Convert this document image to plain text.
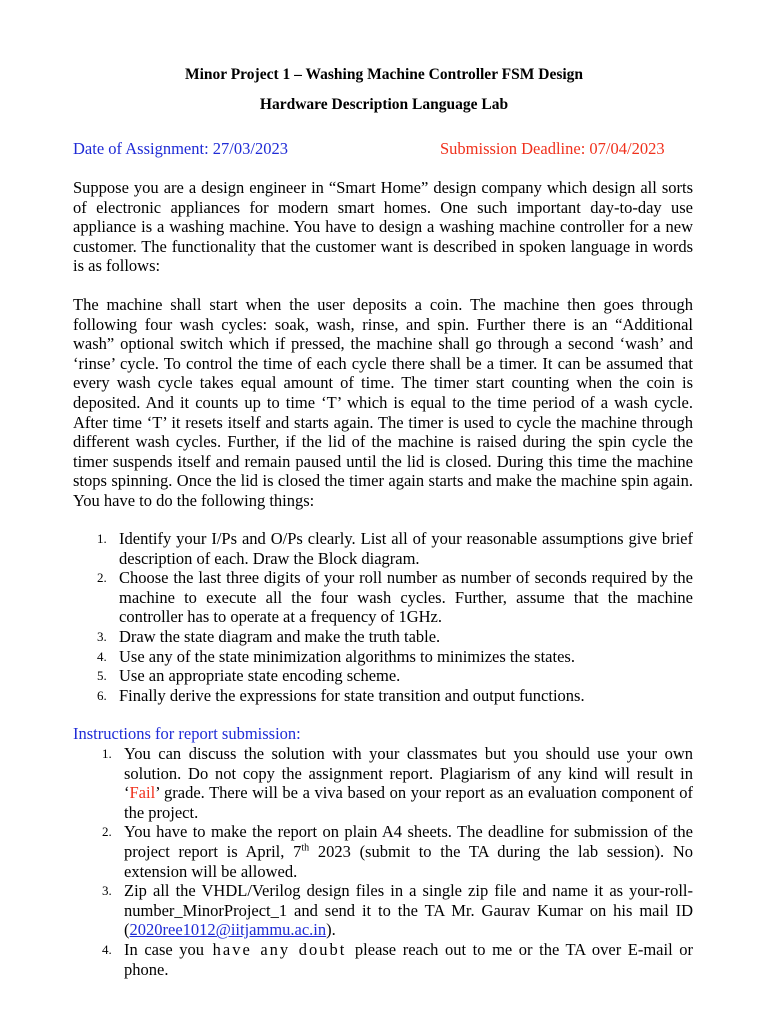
Minor Project 1 – Washing Machine Controller FSM Design
Hardware Description Language Lab
Date of Assignment: 27/03/2023	Submission Deadline: 07/04/2023
Suppose you are a design engineer in “Smart Home” design company which design all sorts of electronic appliances for modern smart homes. One such important day-to-day use appliance is a washing machine. You have to design a washing machine controller for a new customer. The functionality that the customer want is described in spoken language in words is as follows:
The machine shall start when the user deposits a coin. The machine then goes through following four wash cycles: soak, wash, rinse, and spin. Further there is an “Additional wash” optional switch which if pressed, the machine shall go through a second ‘wash’ and ‘rinse’ cycle. To control the time of each cycle there shall be a timer. It can be assumed that every wash cycle takes equal amount of time. The timer start counting when the coin is deposited. And it counts up to time ‘T’ which is equal to the time period of a wash cycle. After time ‘T’ it resets itself and starts again. The timer is used to cycle the machine through different wash cycles. Further, if the lid of the machine is raised during the spin cycle the timer suspends itself and remain paused until the lid is closed. During this time the machine stops spinning. Once the lid is closed the timer again starts and make the machine spin again. You have to do the following things:
1. Identify your I/Ps and O/Ps clearly. List all of your reasonable assumptions give brief description of each. Draw the Block diagram.
2. Choose the last three digits of your roll number as number of seconds required by the machine to execute all the four wash cycles. Further, assume that the machine controller has to operate at a frequency of 1GHz.
3. Draw the state diagram and make the truth table.
4. Use any of the state minimization algorithms to minimizes the states.
5. Use an appropriate state encoding scheme.
6. Finally derive the expressions for state transition and output functions.
Instructions for report submission:
1. You can discuss the solution with your classmates but you should use your own solution. Do not copy the assignment report. Plagiarism of any kind will result in ‘Fail’ grade. There will be a viva based on your report as an evaluation component of the project.
2. You have to make the report on plain A4 sheets. The deadline for submission of the project report is April, 7th 2023 (submit to the TA during the lab session). No extension will be allowed.
3. Zip all the VHDL/Verilog design files in a single zip file and name it as your-roll-number_MinorProject_1 and send it to the TA Mr. Gaurav Kumar on his mail ID (2020ree1012@iitjammu.ac.in).
4. In case you have any doubt please reach out to me or the TA over E-mail or phone.
